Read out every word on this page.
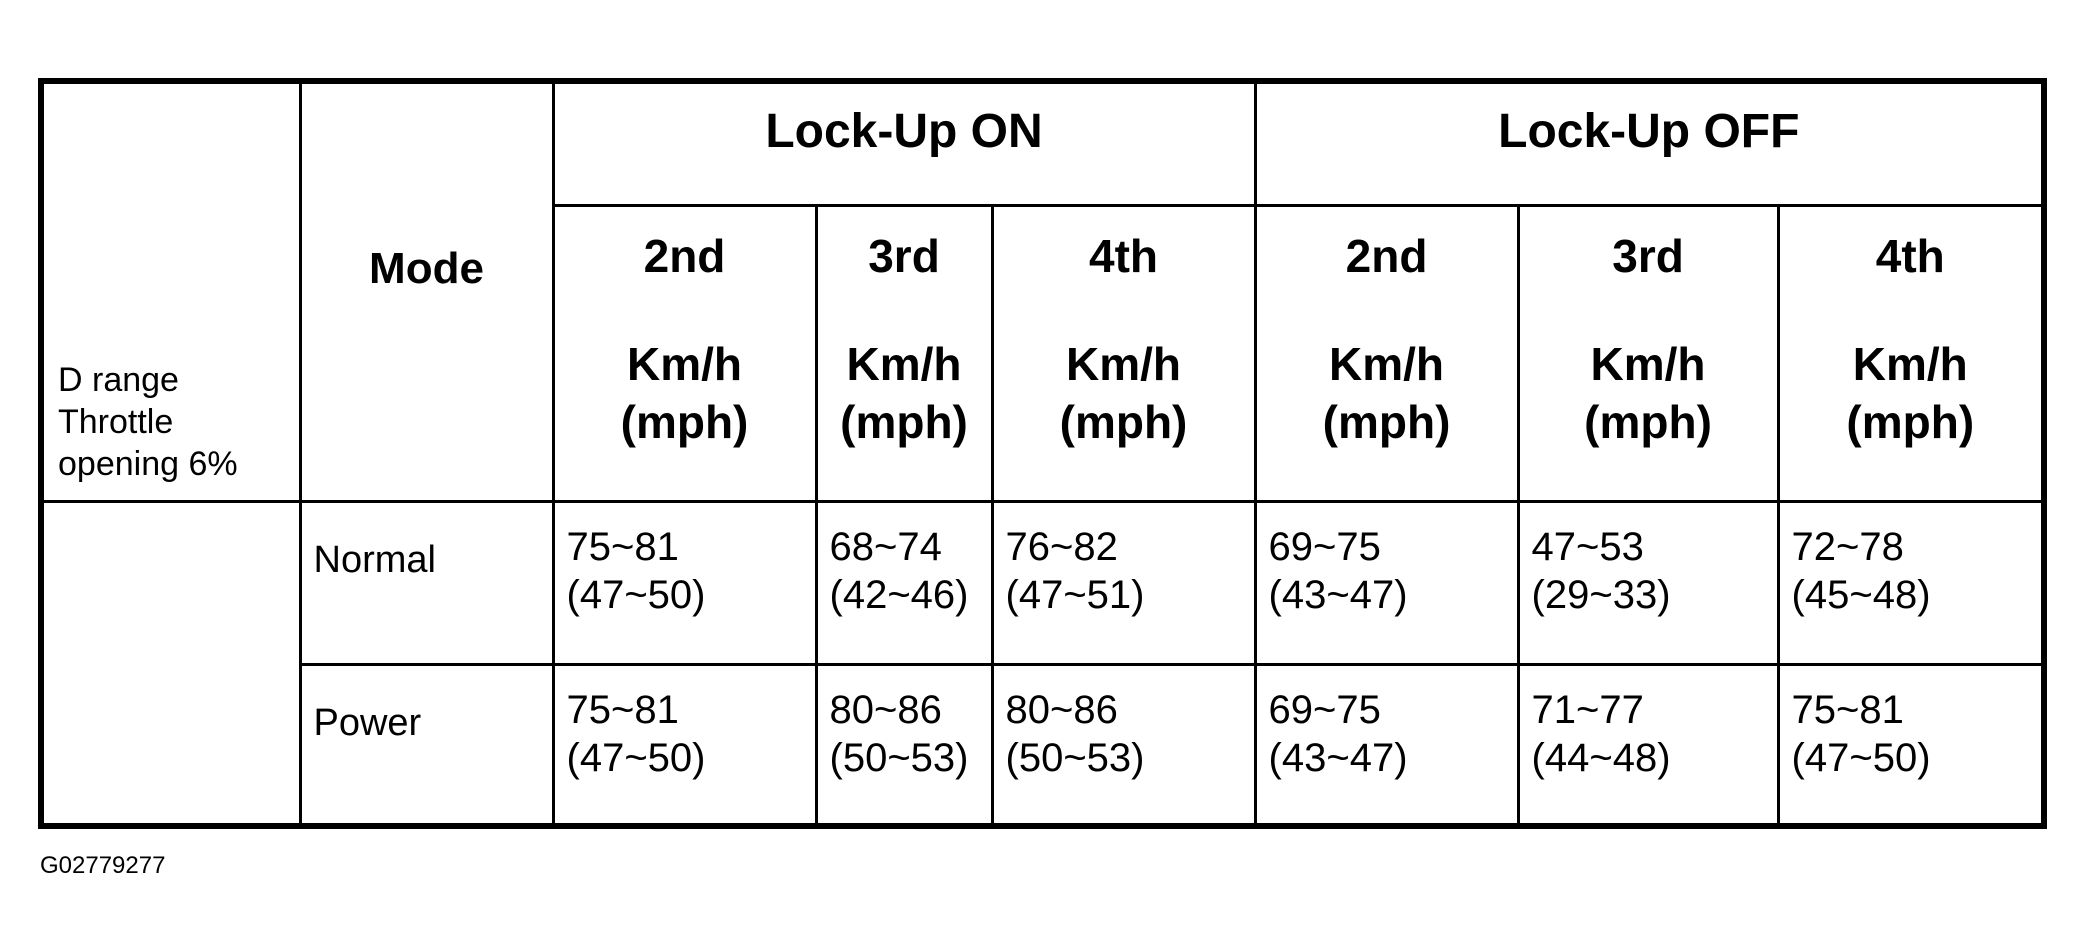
D range
Throttle
opening 6%	Mode	Lock-Up ON			Lock-Up OFF		

		2nd
Km/h
(mph)	3rd
Km/h
(mph)	4th
Km/h
(mph)	2nd
Km/h
(mph)	3rd
Km/h
(mph)	4th
Km/h
(mph)

	Normal	75~81
(47~50)	68~74
(42~46)	76~82
(47~51)	69~75
(43~47)	47~53
(29~33)	72~78
(45~48)

	Power	75~81
(47~50)	80~86
(50~53)	80~86
(50~53)	69~75
(43~47)	71~77
(44~48)	75~81
(47~50)
G02779277
